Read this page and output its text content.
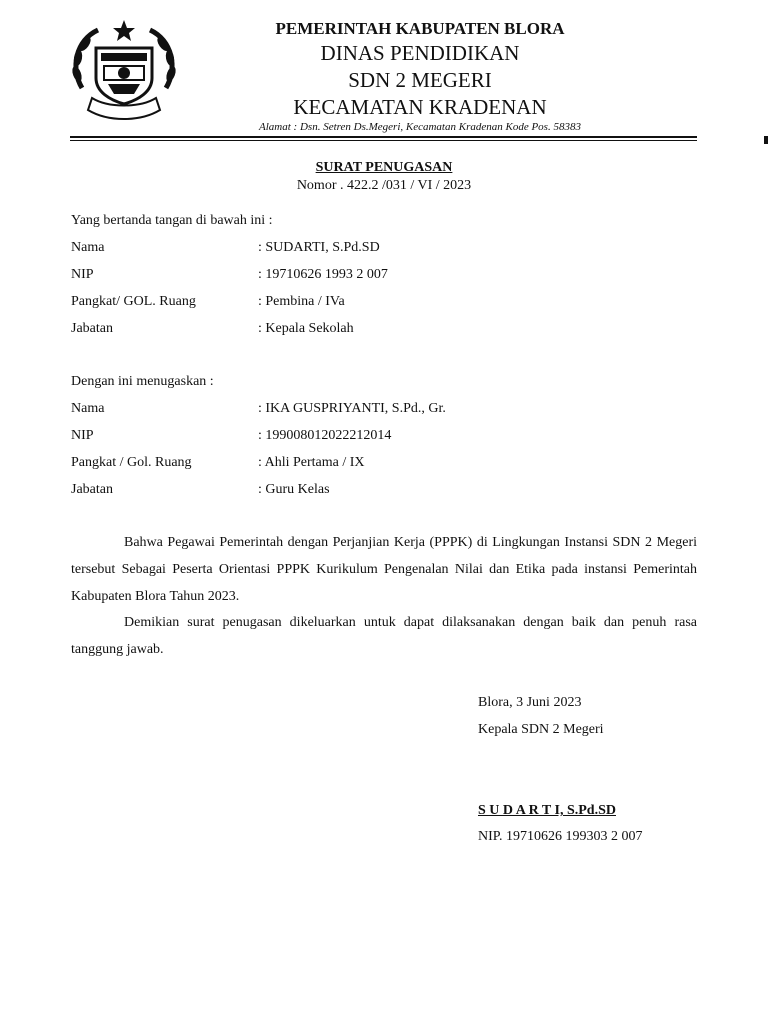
PEMERINTAH KABUPATEN BLORA
DINAS PENDIDIKAN
SDN 2 MEGERI
KECAMATAN KRADENAN
Alamat : Dsn. Setren Ds.Megeri, Kecamatan Kradenan Kode Pos. 58383
SURAT PENUGASAN
Nomor . 422.2 /031 / VI / 2023
Yang bertanda tangan di bawah ini :
Nama	: SUDARTI, S.Pd.SD
NIP	: 19710626 1993 2 007
Pangkat/ GOL. Ruang	: Pembina / IVa
Jabatan	: Kepala Sekolah
Dengan ini menugaskan :
Nama	: IKA GUSPRIYANTI, S.Pd., Gr.
NIP	: 199008012022212014
Pangkat / Gol. Ruang	: Ahli Pertama / IX
Jabatan	: Guru Kelas
Bahwa Pegawai Pemerintah dengan Perjanjian Kerja (PPPK) di Lingkungan Instansi SDN 2 Megeri tersebut Sebagai Peserta Orientasi PPPK Kurikulum Pengenalan Nilai dan Etika pada instansi Pemerintah Kabupaten Blora Tahun 2023.
Demikian surat penugasan dikeluarkan untuk dapat dilaksanakan dengan baik dan penuh rasa tanggung jawab.
Blora, 3 Juni 2023
Kepala SDN 2 Megeri
S U D A R T I, S.Pd.SD
NIP. 19710626 199303 2 007
